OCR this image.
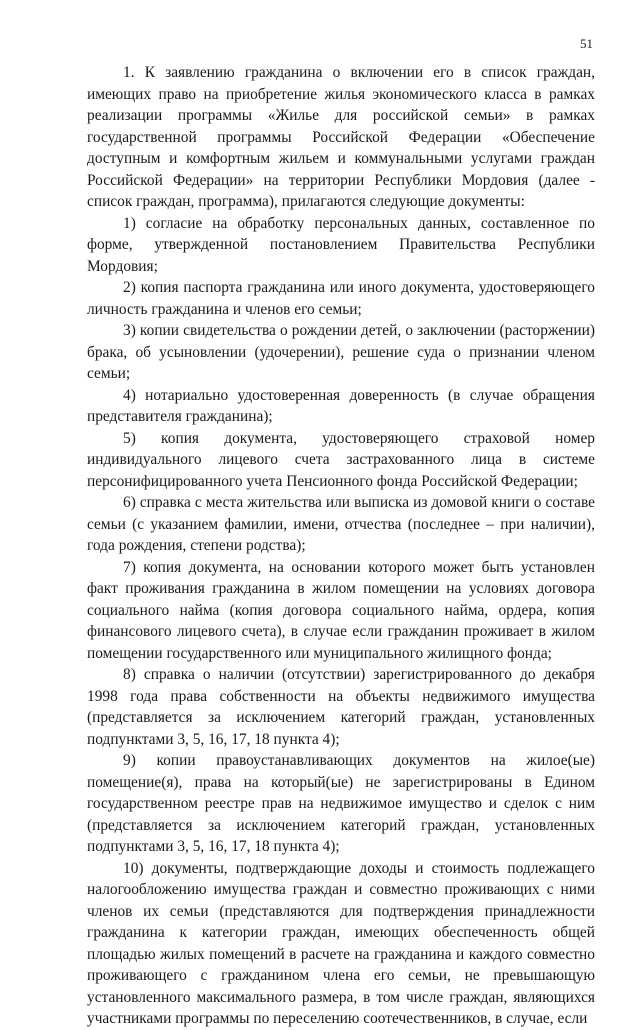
51

1. К заявлению гражданина о включении его в список граждан, имеющих право на приобретение жилья экономического класса в рамках реализации программы «Жилье для российской семьи» в рамках государственной программы Российской Федерации «Обеспечение доступным и комфортным жильем и коммунальными услугами граждан Российской Федерации» на территории Республики Мордовия (далее - список граждан, программа), прилагаются следующие документы:

1) согласие на обработку персональных данных, составленное по форме, утвержденной постановлением Правительства Республики Мордовия;

2) копия паспорта гражданина или иного документа, удостоверяющего личность гражданина и членов его семьи;

3) копии свидетельства о рождении детей, о заключении (расторжении) брака, об усыновлении (удочерении), решение суда о признании членом семьи;

4) нотариально удостоверенная доверенность (в случае обращения представителя гражданина);

5) копия документа, удостоверяющего страховой номер индивидуального лицевого счета застрахованного лица в системе персонифицированного учета Пенсионного фонда Российской Федерации;

6) справка с места жительства или выписка из домовой книги о составе семьи (с указанием фамилии, имени, отчества (последнее – при наличии), года рождения, степени родства);

7) копия документа, на основании которого может быть установлен факт проживания гражданина в жилом помещении на условиях договора социального найма (копия договора социального найма, ордера, копия финансового лицевого счета), в случае если гражданин проживает в жилом помещении государственного или муниципального жилищного фонда;

8) справка о наличии (отсутствии) зарегистрированного до декабря 1998 года права собственности на объекты недвижимого имущества (представляется за исключением категорий граждан, установленных подпунктами 3, 5, 16, 17, 18 пункта 4);

9) копии правоустанавливающих документов на жилое(ые) помещение(я), права на который(ые) не зарегистрированы в Едином государственном реестре прав на недвижимое имущество и сделок с ним (представляется за исключением категорий граждан, установленных подпунктами 3, 5, 16, 17, 18 пункта 4);

10) документы, подтверждающие доходы и стоимость подлежащего налогообложению имущества граждан и совместно проживающих с ними членов их семьи (представляются для подтверждения принадлежности гражданина к категории граждан, имеющих обеспеченность общей площадью жилых помещений в расчете на гражданина и каждого совместно проживающего с гражданином члена его семьи, не превышающую установленного максимального размера, в том числе граждан, являющихся участниками программы по переселению соотечественников, в случае, если
